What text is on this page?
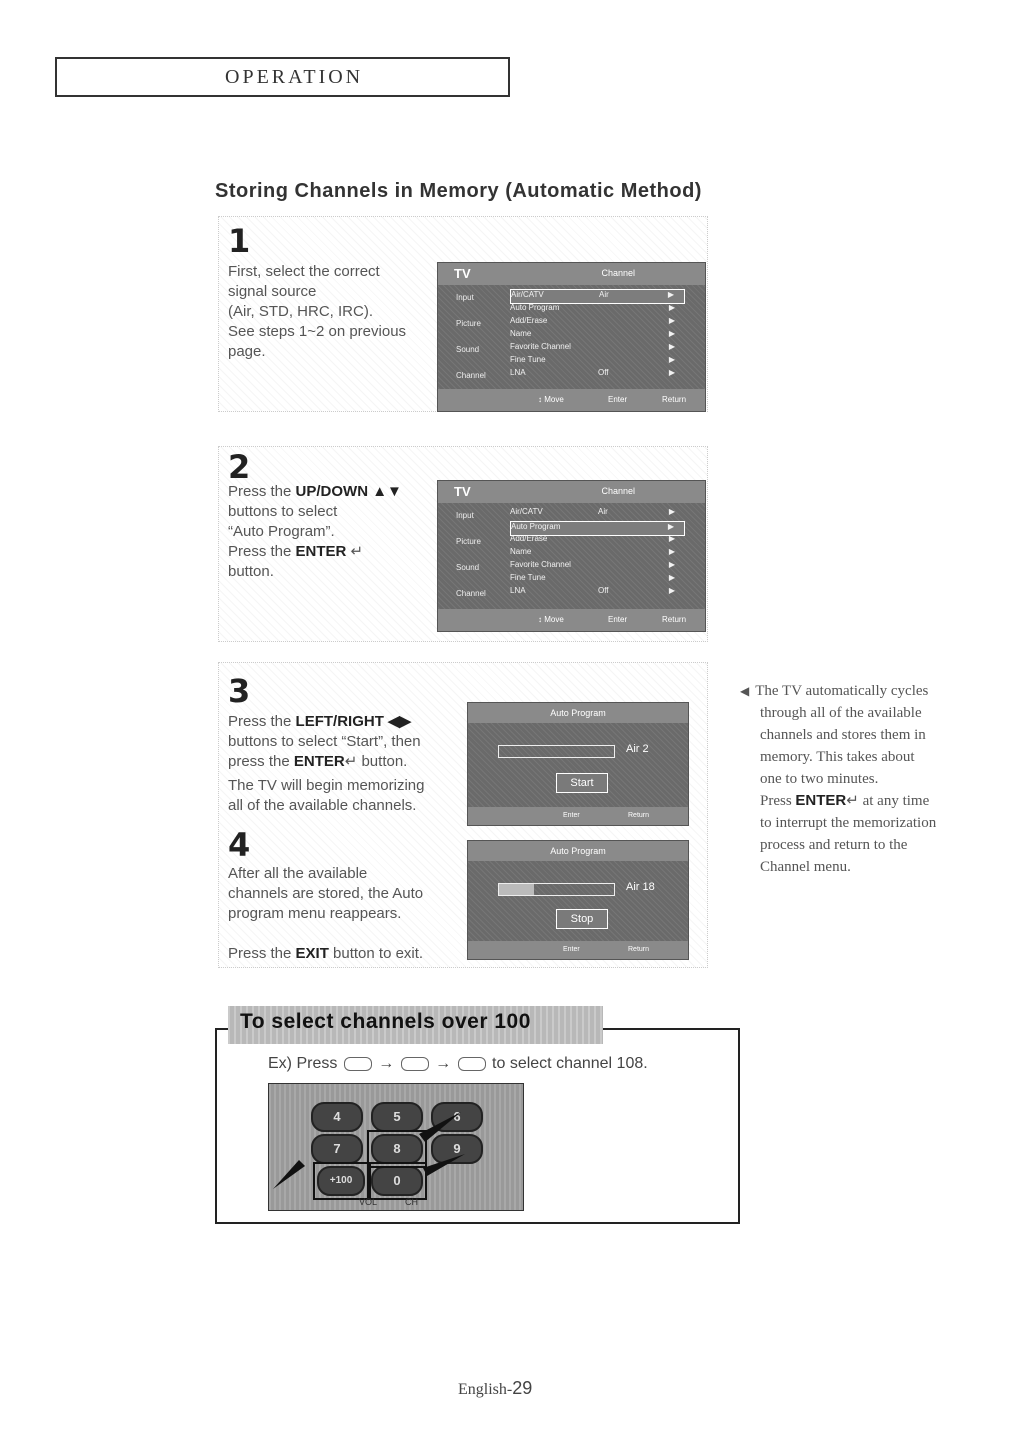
OPERATION
Storing Channels in Memory (Automatic Method)
1
First, select the correct
signal source
(Air, STD, HRC, IRC).
See steps 1~2 on previous
page.
TV	Channel
Input
Picture
Sound
Channel
Air/CATV	Air	▶
Auto Program	▶
Add/Erase	▶
Name	▶
Favorite Channel	▶
Fine Tune	▶
LNA	Off	▶
↕ Move	Enter	Return
2
Press the UP/DOWN ▲▼
buttons to select
“Auto Program”.
Press the ENTER ↵
button.
TV	Channel
Input
Picture
Sound
Channel
Air/CATV	Air	▶
Auto Program	▶
Add/Erase	▶
Name	▶
Favorite Channel	▶
Fine Tune	▶
LNA	Off	▶
↕ Move	Enter	Return
3
Press the LEFT/RIGHT ◀▶
buttons to select “Start”, then
press the ENTER↵ button.
The TV will begin memorizing
all of the available channels.
4
After all the available
channels are stored, the Auto
program menu reappears.
Press the EXIT button to exit.
Auto Program
Air 2
Start
Enter	Return
Auto Program
Air 18
Stop
Enter	Return
◀ The TV automatically cycles
through all of the available
channels and stores them in
memory. This takes about
one to two minutes.
Press ENTER↵ at any time
to interrupt the memorization
process and return to the
Channel menu.
To select channels over 100
Ex) Press  →  →  to select channel 108.
4	5	6
7	8	9
+100	0
VOL	CH
English-29
